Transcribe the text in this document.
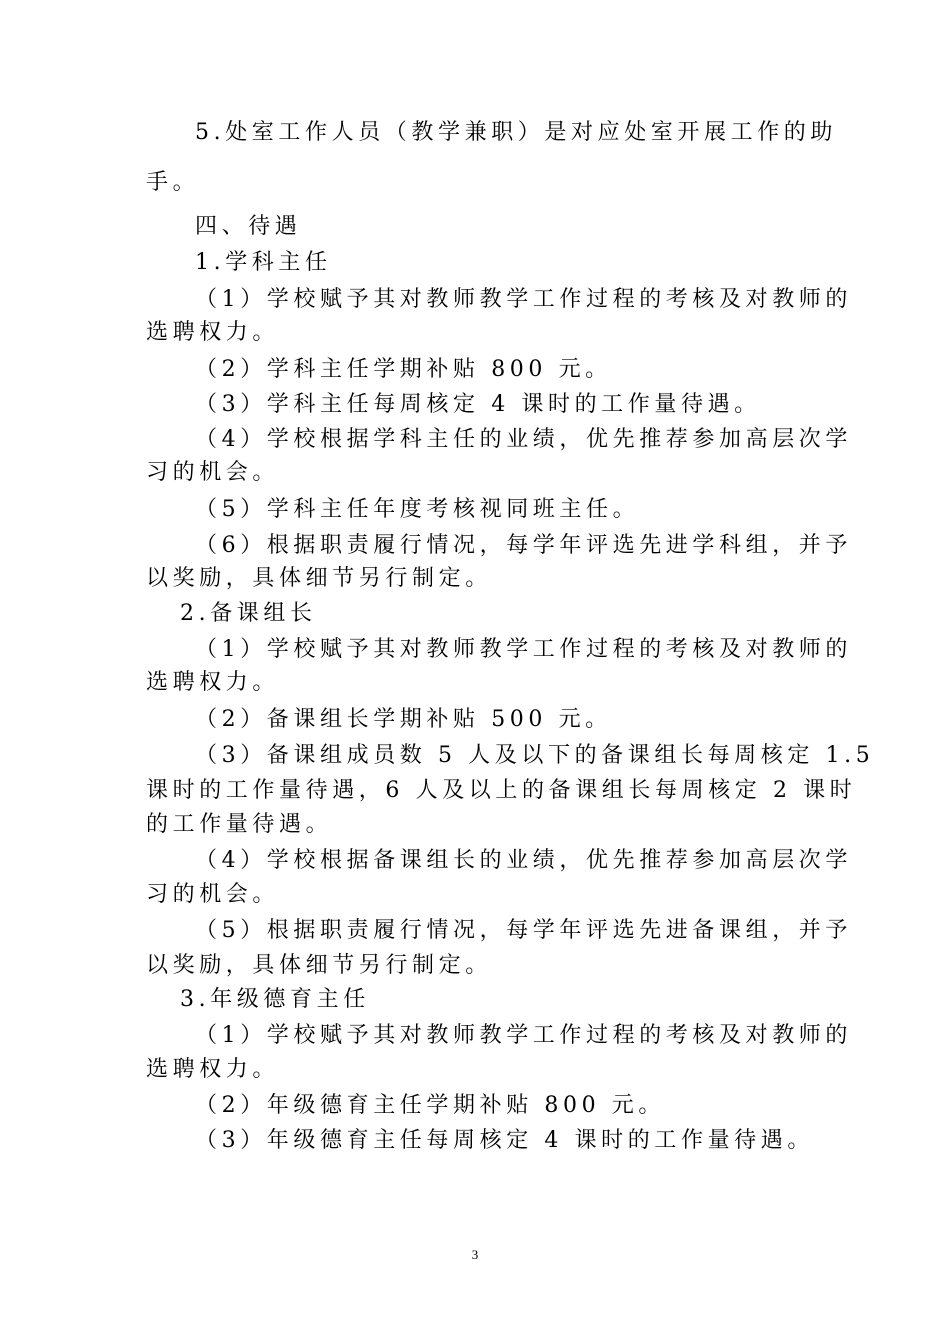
5.处室工作人员（教学兼职）是对应处室开展工作的助
手。
四、待遇
1.学科主任
（1）学校赋予其对教师教学工作过程的考核及对教师的
选聘权力。
（2）学科主任学期补贴 800 元。
（3）学科主任每周核定 4 课时的工作量待遇。
（4）学校根据学科主任的业绩，优先推荐参加高层次学
习的机会。
（5）学科主任年度考核视同班主任。
（6）根据职责履行情况，每学年评选先进学科组，并予
以奖励，具体细节另行制定。
2.备课组长
（1）学校赋予其对教师教学工作过程的考核及对教师的
选聘权力。
（2）备课组长学期补贴 500 元。
（3）备课组成员数 5 人及以下的备课组长每周核定 1.5
课时的工作量待遇，6 人及以上的备课组长每周核定 2 课时
的工作量待遇。
（4）学校根据备课组长的业绩，优先推荐参加高层次学
习的机会。
（5）根据职责履行情况，每学年评选先进备课组，并予
以奖励，具体细节另行制定。
3.年级德育主任
（1）学校赋予其对教师教学工作过程的考核及对教师的
选聘权力。
（2）年级德育主任学期补贴 800 元。
（3）年级德育主任每周核定 4 课时的工作量待遇。
3
